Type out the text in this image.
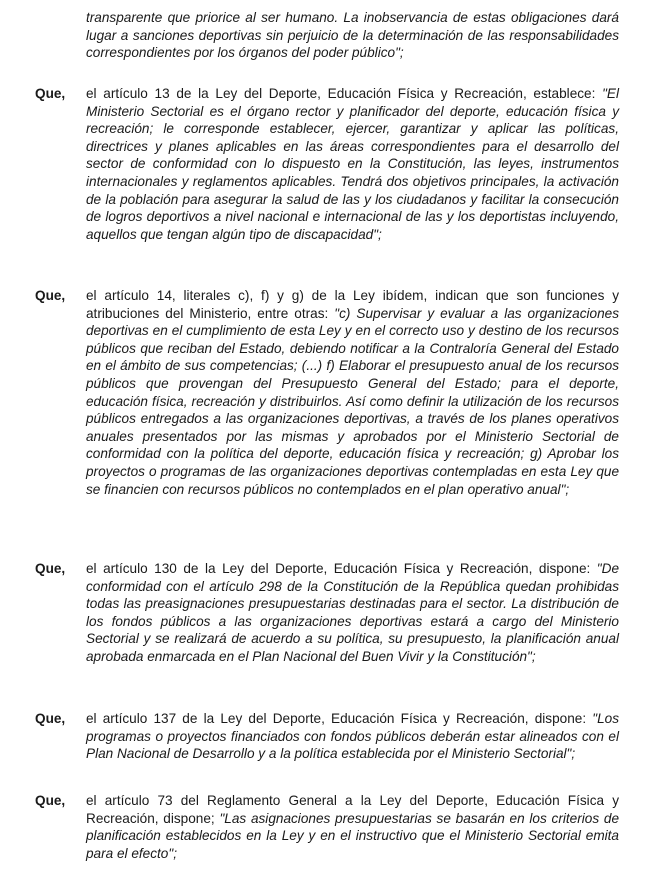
transparente que priorice al ser humano. La inobservancia de estas obligaciones dará lugar a sanciones deportivas sin perjuicio de la determinación de las responsabilidades correspondientes por los órganos del poder público";

Que, el artículo 13 de la Ley del Deporte, Educación Física y Recreación, establece: "El Ministerio Sectorial es el órgano rector y planificador del deporte, educación física y recreación; le corresponde establecer, ejercer, garantizar y aplicar las políticas, directrices y planes aplicables en las áreas correspondientes para el desarrollo del sector de conformidad con lo dispuesto en la Constitución, las leyes, instrumentos internacionales y reglamentos aplicables. Tendrá dos objetivos principales, la activación de la población para asegurar la salud de las y los ciudadanos y facilitar la consecución de logros deportivos a nivel nacional e internacional de las y los deportistas incluyendo, aquellos que tengan algún tipo de discapacidad";

Que, el artículo 14, literales c), f) y g) de la Ley ibídem, indican que son funciones y atribuciones del Ministerio, entre otras: "c) Supervisar y evaluar a las organizaciones deportivas en el cumplimiento de esta Ley y en el correcto uso y destino de los recursos públicos que reciban del Estado, debiendo notificar a la Contraloría General del Estado en el ámbito de sus competencias; (...) f) Elaborar el presupuesto anual de los recursos públicos que provengan del Presupuesto General del Estado; para el deporte, educación física, recreación y distribuirlos. Así como definir la utilización de los recursos públicos entregados a las organizaciones deportivas, a través de los planes operativos anuales presentados por las mismas y aprobados por el Ministerio Sectorial de conformidad con la política del deporte, educación física y recreación; g) Aprobar los proyectos o programas de las organizaciones deportivas contempladas en esta Ley que se financien con recursos públicos no contemplados en el plan operativo anual";

Que, el artículo 130 de la Ley del Deporte, Educación Física y Recreación, dispone: "De conformidad con el artículo 298 de la Constitución de la República quedan prohibidas todas las preasignaciones presupuestarias destinadas para el sector. La distribución de los fondos públicos a las organizaciones deportivas estará a cargo del Ministerio Sectorial y se realizará de acuerdo a su política, su presupuesto, la planificación anual aprobada enmarcada en el Plan Nacional del Buen Vivir y la Constitución";

Que, el artículo 137 de la Ley del Deporte, Educación Física y Recreación, dispone: "Los programas o proyectos financiados con fondos públicos deberán estar alineados con el Plan Nacional de Desarrollo y a la política establecida por el Ministerio Sectorial";

Que, el artículo 73 del Reglamento General a la Ley del Deporte, Educación Física y Recreación, dispone; "Las asignaciones presupuestarias se basarán en los criterios de planificación establecidos en la Ley y en el instructivo que el Ministerio Sectorial emita para el efecto";
